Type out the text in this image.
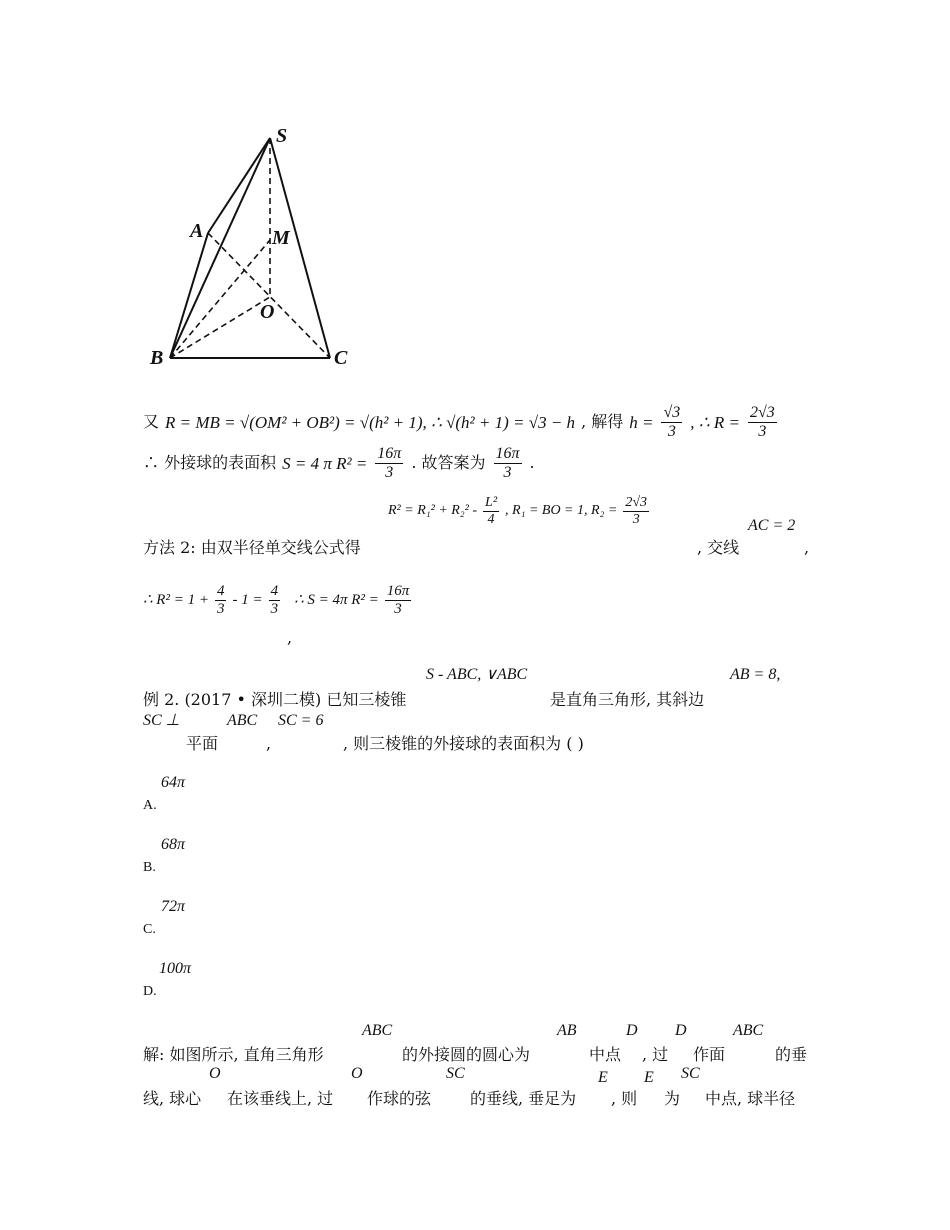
S
A	M
O
B	C
又 R = MB = √(OM² + OB²) = √(h² + 1), ∴ √(h² + 1) = √3 − h , 解得 $h = \frac{√3}{3}$ , ∴ $R = \frac{2√3}{3}$
∴ 外接球的表面积 S = 4 π $R^2 = \frac{16\pi}{3}$ . 故答案为 $\frac{16\pi}{3}$ .
$R^2 = R_1^2 + R_2^2 - \frac{\text{L²}}{4}$ , R₁ = BO = 1, $R_2 = \frac{2√3}{3}$	AC = 2
方法 2: 由双半径单交线公式得	, 交线	,
∴ $R^2 = 1 + \frac{4}{3} - 1 = \frac{4}{3}$ ∴ S = 4π $R^2 = \frac{16\pi}{3}$
,
S - ABC, ∨ABC	AB = 8,
例 2. (2017 • 深圳二模) 已知三棱锥	是直角三角形, 其斜边
SC ⊥	ABC SC = 6
平面	,	, 则三棱锥的外接球的表面积为 ( )
64π
A.
68π
B.
72π
C.
100π
D.
ABC	AB	D D	ABC
解: 如图所示, 直角三角形	的外接圆的圆心为	中点 , 过 作面	的垂
O	O	SC	E E SC
线, 球心 在该垂线上, 过 作球的弦 的垂线, 垂足为 , 则 为 中点, 球半径
